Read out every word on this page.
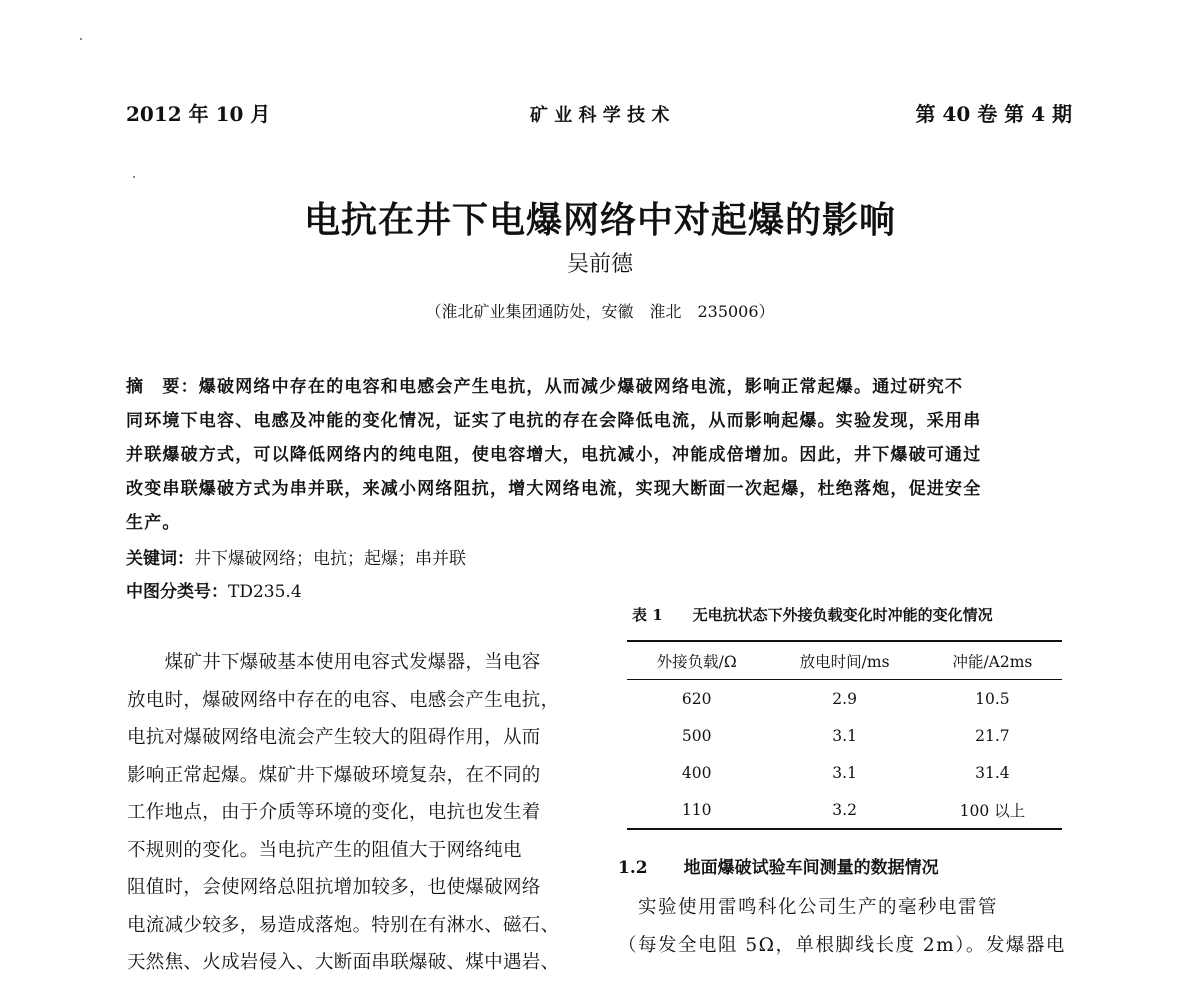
2012 年 10 月	矿 业 科 学 技 术	第 40 卷 第 4 期
电抗在井下电爆网络中对起爆的影响
吴前德
（淮北矿业集团通防处，安徽　淮北　235006）
摘　要：爆破网络中存在的电容和电感会产生电抗，从而减少爆破网络电流，影响正常起爆。通过研究不
同环境下电容、电感及冲能的变化情况，证实了电抗的存在会降低电流，从而影响起爆。实验发现，采用串
并联爆破方式，可以降低网络内的纯电阻，使电容增大，电抗减小，冲能成倍增加。因此，井下爆破可通过
改变串联爆破方式为串并联，来减小网络阻抗，增大网络电流，实现大断面一次起爆，杜绝落炮，促进安全
生产。
关键词：井下爆破网络；电抗；起爆；串并联
中图分类号：TD235.4
　　煤矿井下爆破基本使用电容式发爆器，当电容
放电时，爆破网络中存在的电容、电感会产生电抗，
电抗对爆破网络电流会产生较大的阻碍作用，从而
影响正常起爆。煤矿井下爆破环境复杂，在不同的
工作地点，由于介质等环境的变化，电抗也发生着
不规则的变化。当电抗产生的阻值大于网络纯电
阻值时，会使网络总阻抗增加较多，也使爆破网络
电流减少较多，易造成落炮。特别在有淋水、磁石、
天然焦、火成岩侵入、大断面串联爆破、煤中遇岩、
表 1　　无电抗状态下外接负载变化时冲能的变化情况
外接负载/Ω	放电时间/ms	冲能/A2ms
620	2.9	10.5
500	3.1	21.7
400	3.1	31.4
110	3.2	100 以上
1.2 地面爆破试验车间测量的数据情况
　实验使用雷鸣科化公司生产的毫秒电雷管
（每发全电阻 5Ω，单根脚线长度 2m）。发爆器电
